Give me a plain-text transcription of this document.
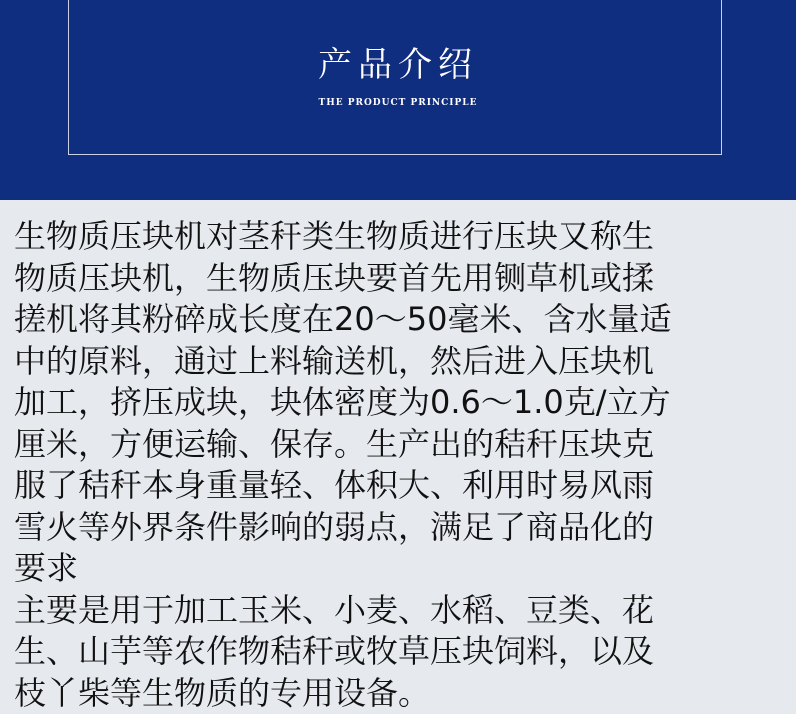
产品介绍
THE PRODUCT PRINCIPLE

生物质压块机对茎秆类生物质进行压块又称生
物质压块机，生物质压块要首先用铡草机或揉
搓机将其粉碎成长度在20～50毫米、含水量适
中的原料，通过上料输送机，然后进入压块机
加工，挤压成块，块体密度为0.6～1.0克/立方
厘米，方便运输、保存。生产出的秸秆压块克
服了秸秆本身重量轻、体积大、利用时易风雨
雪火等外界条件影响的弱点，满足了商品化的
要求

主要是用于加工玉米、小麦、水稻、豆类、花
生、山芋等农作物秸秆或牧草压块饲料，以及
枝丫柴等生物质的专用设备。
